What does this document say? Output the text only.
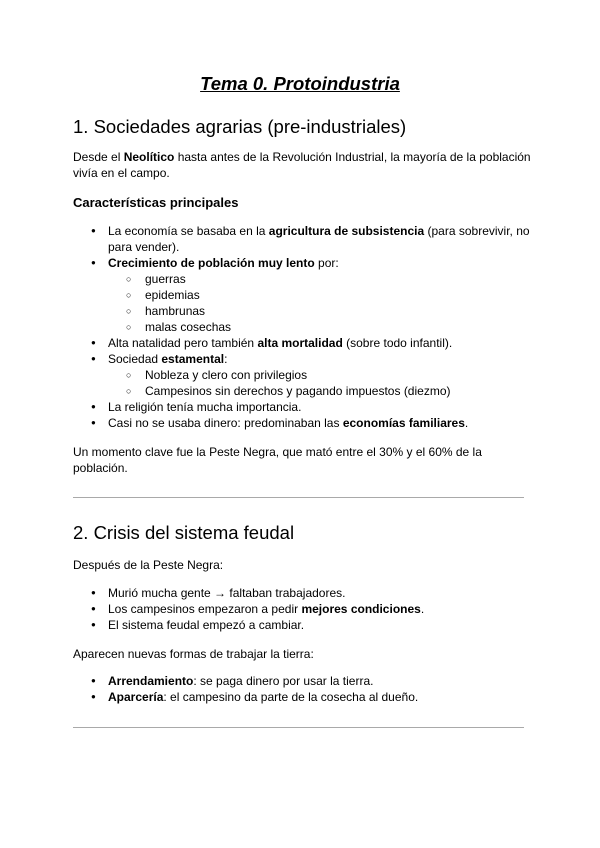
Tema 0. Protoindustria
1. Sociedades agrarias (pre-industriales)
Desde el Neolítico hasta antes de la Revolución Industrial, la mayoría de la población vivía en el campo.
Características principales
● La economía se basaba en la agricultura de subsistencia (para sobrevivir, no para vender).
● Crecimiento de población muy lento por:
○ guerras
○ epidemias
○ hambrunas
○ malas cosechas
● Alta natalidad pero también alta mortalidad (sobre todo infantil).
● Sociedad estamental:
○ Nobleza y clero con privilegios
○ Campesinos sin derechos y pagando impuestos (diezmo)
● La religión tenía mucha importancia.
● Casi no se usaba dinero: predominaban las economías familiares.
Un momento clave fue la Peste Negra, que mató entre el 30% y el 60% de la población.
2. Crisis del sistema feudal
Después de la Peste Negra:
● Murió mucha gente → faltaban trabajadores.
● Los campesinos empezaron a pedir mejores condiciones.
● El sistema feudal empezó a cambiar.
Aparecen nuevas formas de trabajar la tierra:
● Arrendamiento: se paga dinero por usar la tierra.
● Aparcería: el campesino da parte de la cosecha al dueño.
